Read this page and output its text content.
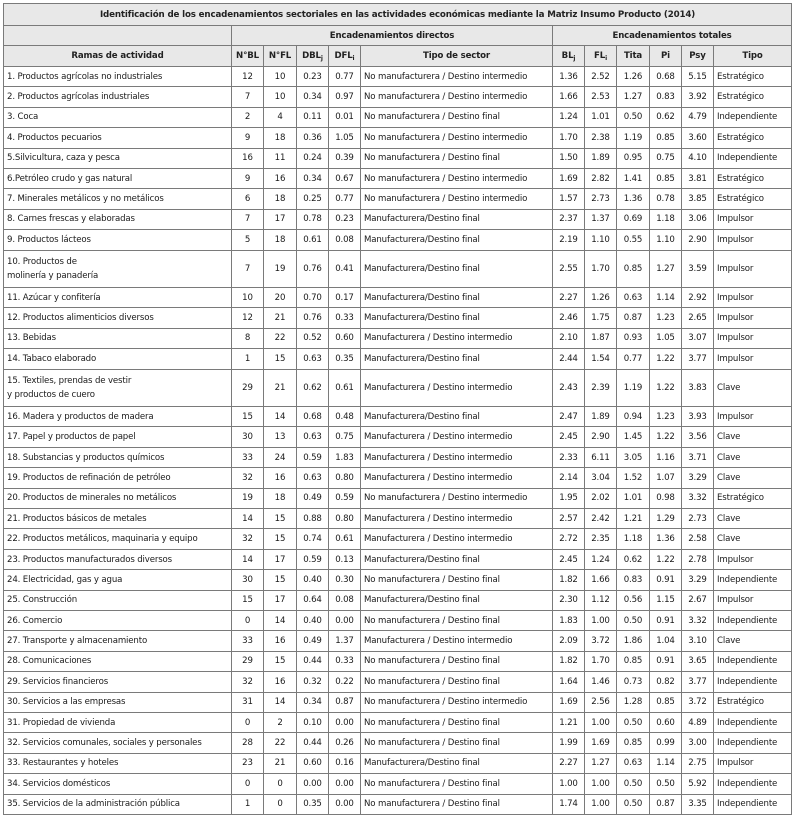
Identificación de los encadenamientos sectoriales en las actividades económicas mediante la Matriz Insumo Producto (2014)											
	Encadenamientos directos					Encadenamientos totales					
Ramas de actividad	N°BL	N°FL	$DBL_j$	$DFL_i$	Tipo de sector	$BL_j$	$FL_i$	Tita	Pi	Psy	Tipo
1. Productos agrícolas no industriales	12	10	0.23	0.77	No manufacturera / Destino intermedio	1.36	2.52	1.26	0.68	5.15	Estratégico
2. Productos agrícolas industriales	7	10	0.34	0.97	No manufacturera / Destino intermedio	1.66	2.53	1.27	0.83	3.92	Estratégico
3. Coca	2	4	0.11	0.01	No manufacturera / Destino final	1.24	1.01	0.50	0.62	4.79	Independiente
4. Productos pecuarios	9	18	0.36	1.05	No manufacturera / Destino intermedio	1.70	2.38	1.19	0.85	3.60	Estratégico
5.Silvicultura, caza y pesca	16	11	0.24	0.39	No manufacturera / Destino final	1.50	1.89	0.95	0.75	4.10	Independiente
6.Petróleo crudo y gas natural	9	16	0.34	0.67	No manufacturera / Destino intermedio	1.69	2.82	1.41	0.85	3.81	Estratégico
7. Minerales metálicos y no metálicos	6	18	0.25	0.77	No manufacturera / Destino intermedio	1.57	2.73	1.36	0.78	3.85	Estratégico
8. Carnes frescas y elaboradas	7	17	0.78	0.23	Manufacturera/Destino final	2.37	1.37	0.69	1.18	3.06	Impulsor
9. Productos lácteos	5	18	0.61	0.08	Manufacturera/Destino final	2.19	1.10	0.55	1.10	2.90	Impulsor

10. Productos de
molinería y panadería	7	19	0.76	0.41	Manufacturera/Destino final	2.55	1.70	0.85	1.27	3.59	Impulsor
11. Azúcar y confitería	10	20	0.70	0.17	Manufacturera/Destino final	2.27	1.26	0.63	1.14	2.92	Impulsor
12. Productos alimenticios diversos	12	21	0.76	0.33	Manufacturera/Destino final	2.46	1.75	0.87	1.23	2.65	Impulsor
13. Bebidas	8	22	0.52	0.60	Manufacturera / Destino intermedio	2.10	1.87	0.93	1.05	3.07	Impulsor
14. Tabaco elaborado	1	15	0.63	0.35	Manufacturera/Destino final	2.44	1.54	0.77	1.22	3.77	Impulsor

15. Textiles, prendas de vestir
y productos de cuero	29	21	0.62	0.61	Manufacturera / Destino intermedio	2.43	2.39	1.19	1.22	3.83	Clave
16. Madera y productos de madera	15	14	0.68	0.48	Manufacturera/Destino final	2.47	1.89	0.94	1.23	3.93	Impulsor
17. Papel y productos de papel	30	13	0.63	0.75	Manufacturera / Destino intermedio	2.45	2.90	1.45	1.22	3.56	Clave
18. Substancias y productos químicos	33	24	0.59	1.83	Manufacturera / Destino intermedio	2.33	6.11	3.05	1.16	3.71	Clave
19. Productos de refinación de petróleo	32	16	0.63	0.80	Manufacturera / Destino intermedio	2.14	3.04	1.52	1.07	3.29	Clave
20. Productos de minerales no metálicos	19	18	0.49	0.59	No manufacturera / Destino intermedio	1.95	2.02	1.01	0.98	3.32	Estratégico
21. Productos básicos de metales	14	15	0.88	0.80	Manufacturera / Destino intermedio	2.57	2.42	1.21	1.29	2.73	Clave
22. Productos metálicos, maquinaria y equipo	32	15	0.74	0.61	Manufacturera / Destino intermedio	2.72	2.35	1.18	1.36	2.58	Clave
23. Productos manufacturados diversos	14	17	0.59	0.13	Manufacturera/Destino final	2.45	1.24	0.62	1.22	2.78	Impulsor
24. Electricidad, gas y agua	30	15	0.40	0.30	No manufacturera / Destino final	1.82	1.66	0.83	0.91	3.29	Independiente
25. Construcción	15	17	0.64	0.08	Manufacturera/Destino final	2.30	1.12	0.56	1.15	2.67	Impulsor
26. Comercio	0	14	0.40	0.00	No manufacturera / Destino final	1.83	1.00	0.50	0.91	3.32	Independiente
27. Transporte y almacenamiento	33	16	0.49	1.37	Manufacturera / Destino intermedio	2.09	3.72	1.86	1.04	3.10	Clave
28. Comunicaciones	29	15	0.44	0.33	No manufacturera / Destino final	1.82	1.70	0.85	0.91	3.65	Independiente
29. Servicios financieros	32	16	0.32	0.22	No manufacturera / Destino final	1.64	1.46	0.73	0.82	3.77	Independiente
30. Servicios a las empresas	31	14	0.34	0.87	No manufacturera / Destino intermedio	1.69	2.56	1.28	0.85	3.72	Estratégico
31. Propiedad de vivienda	0	2	0.10	0.00	No manufacturera / Destino final	1.21	1.00	0.50	0.60	4.89	Independiente
32. Servicios comunales, sociales y personales	28	22	0.44	0.26	No manufacturera / Destino final	1.99	1.69	0.85	0.99	3.00	Independiente
33. Restaurantes y hoteles	23	21	0.60	0.16	Manufacturera/Destino final	2.27	1.27	0.63	1.14	2.75	Impulsor
34. Servicios domésticos	0	0	0.00	0.00	No manufacturera / Destino final	1.00	1.00	0.50	0.50	5.92	Independiente
35. Servicios de la administración pública	1	0	0.35	0.00	No manufacturera / Destino final	1.74	1.00	0.50	0.87	3.35	Independiente
